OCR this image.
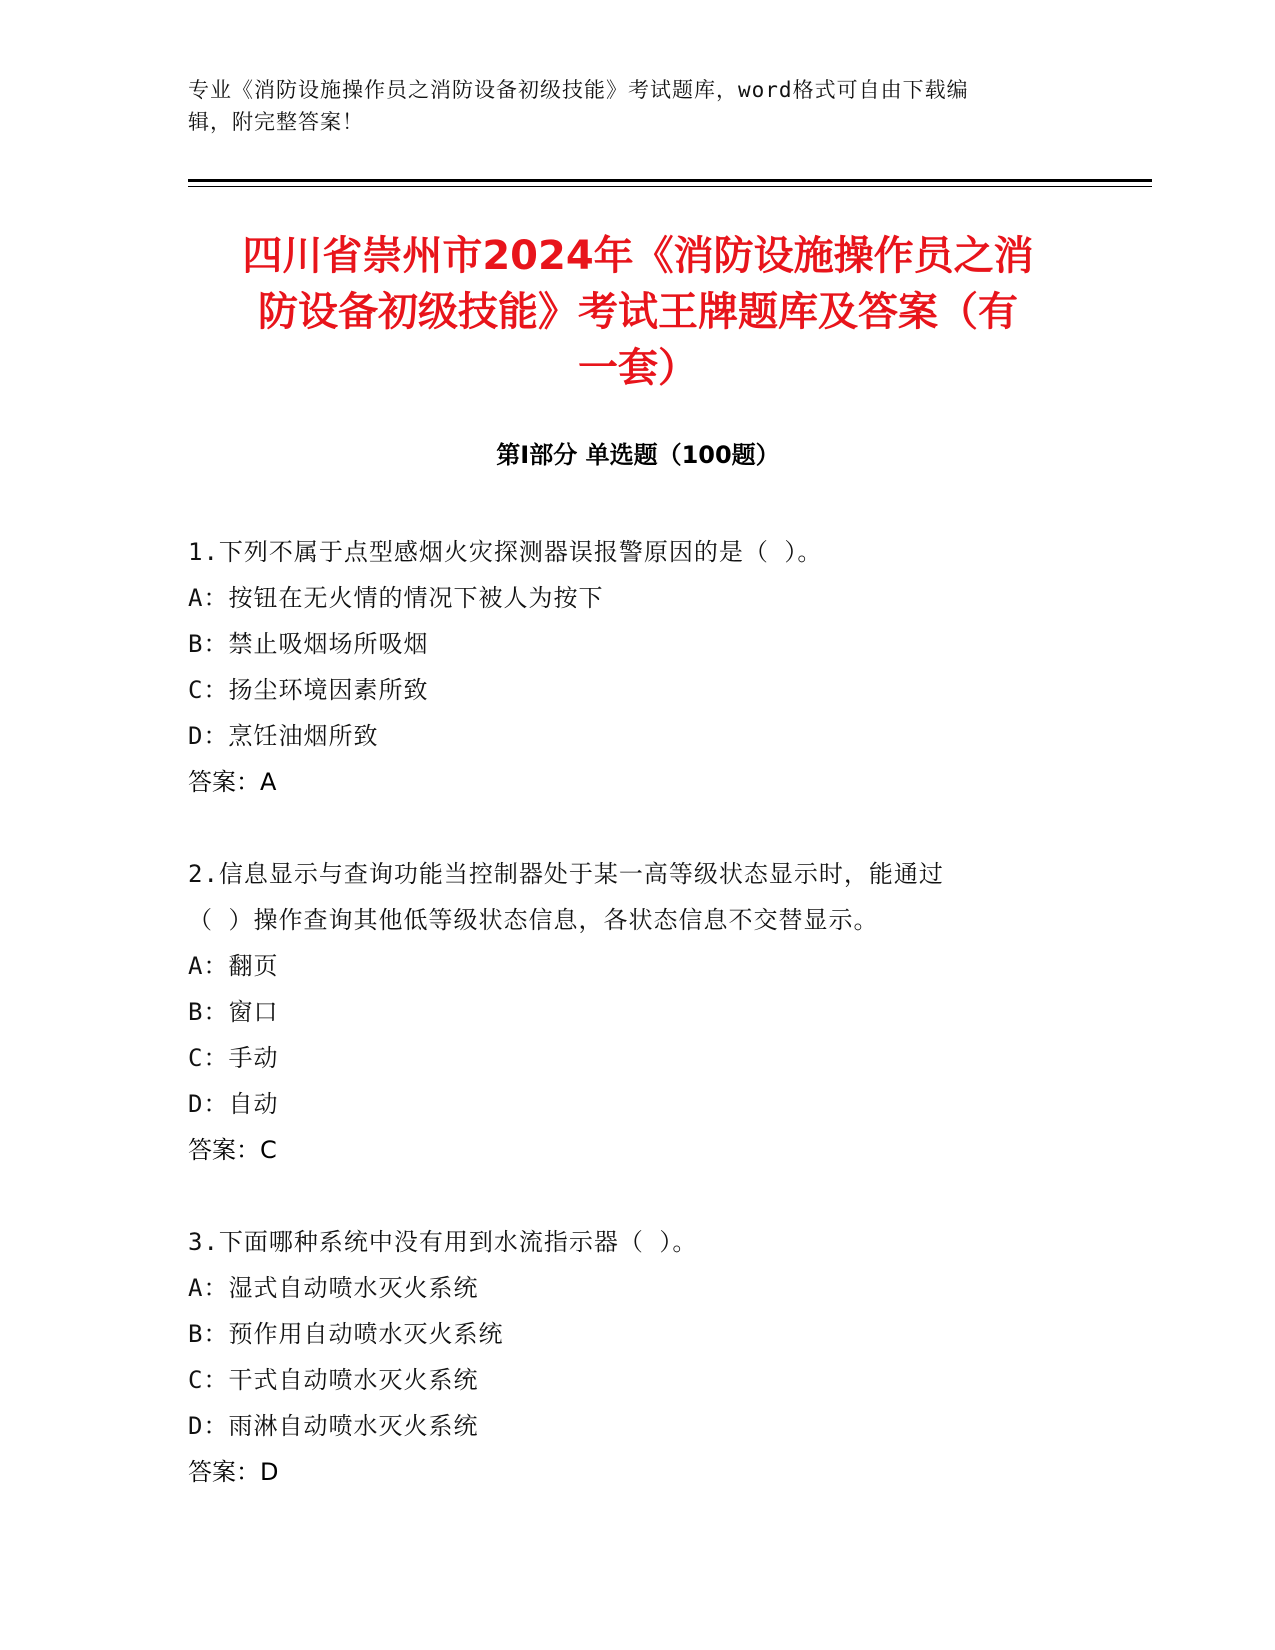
专业《消防设施操作员之消防设备初级技能》考试题库，word格式可自由下载编
辑，附完整答案！
四川省崇州市2024年《消防设施操作员之消
防设备初级技能》考试王牌题库及答案（有
一套）
第Ⅰ部分 单选题（100题）
1.下列不属于点型感烟火灾探测器误报警原因的是（ ）。
A：按钮在无火情的情况下被人为按下
B：禁止吸烟场所吸烟
C：扬尘环境因素所致
D：烹饪油烟所致
答案：A
2.信息显示与查询功能当控制器处于某一高等级状态显示时，能通过
（ ）操作查询其他低等级状态信息，各状态信息不交替显示。
A：翻页
B：窗口
C：手动
D：自动
答案：C
3.下面哪种系统中没有用到水流指示器（ ）。
A：湿式自动喷水灭火系统
B：预作用自动喷水灭火系统
C：干式自动喷水灭火系统
D：雨淋自动喷水灭火系统
答案：D
